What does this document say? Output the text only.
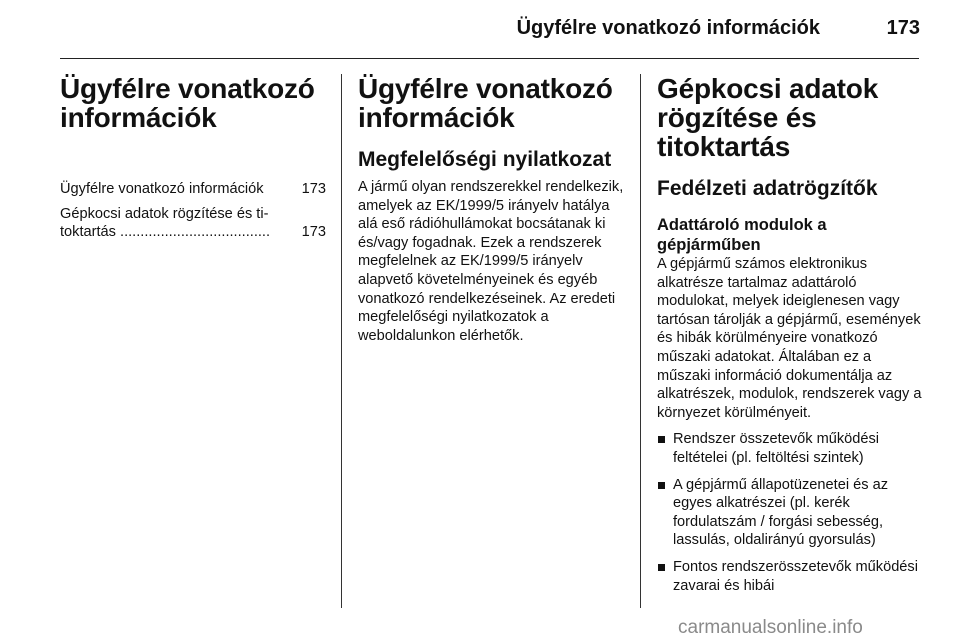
Ügyfélre vonatkozó információk	173
Ügyfélre vonatkozó információk
Ügyfélre vonatkozó információk	173
Gépkocsi adatok rögzítése és ti-toktartás .....................................	173
Ügyfélre vonatkozó információk
Megfelelőségi nyilatkozat

A jármű olyan rendszerekkel rendelkezik, amelyek az EK/1999/5 irányelv hatálya alá eső rádióhullámokat bocsátanak ki és/vagy fogadnak. Ezek a rendszerek megfelelnek az EK/1999/5 irányelv alapvető követelményeinek és egyéb vonatkozó rendelkezéseinek. Az eredeti megfelelőségi nyilatkozatok a weboldalunkon elérhetők.

Gépkocsi adatok rögzítése és titoktartás
Fedélzeti adatrögzítők
Adattároló modulok a gépjárműben

A gépjármű számos elektronikus alkatrésze tartalmaz adattároló modulokat, melyek ideiglenesen vagy tartósan tárolják a gépjármű, események és hibák körülményeire vonatkozó műszaki adatokat. Általában ez a műszaki információ dokumentálja az alkatrészek, modulok, rendszerek vagy a környezet körülményeit.

Rendszer összetevők működési feltételei (pl. feltöltési szintek)
A gépjármű állapotüzenetei és az egyes alkatrészei (pl. kerék fordulatszám / forgási sebesség, lassulás, oldalirányú gyorsulás)
Fontos rendszerösszetevők működési zavarai és hibái
carmanualsonline.info
